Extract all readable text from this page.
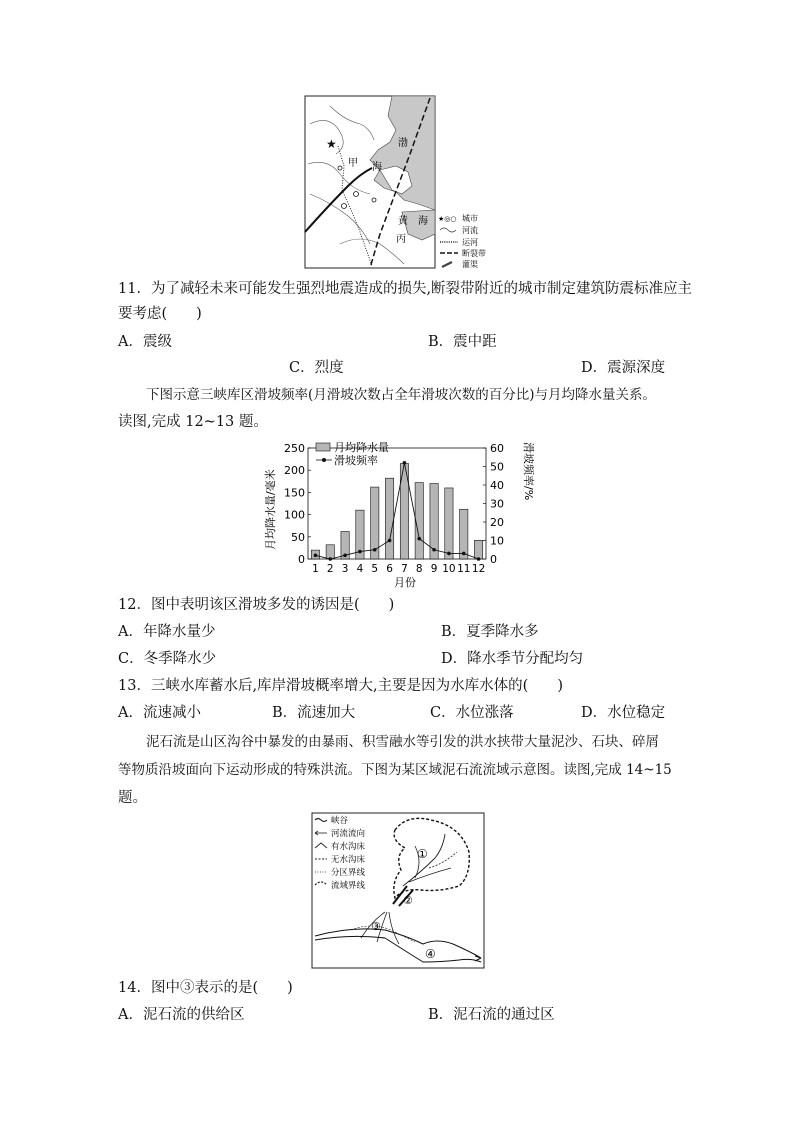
★	渤
甲 海
黄 海
丙
★◎○ 城市
河流
运河
断裂带
灌渠
11．为了减轻未来可能发生强烈地震造成的损失,断裂带附近的城市制定建筑防震标准应主
要考虑(　　)
A．震级	B．震中距
C．烈度	D．震源深度
下图示意三峡库区滑坡频率(月滑坡次数占全年滑坡次数的百分比)与月均降水量关系。
读图,完成 12~13 题。
月均降水量/毫米	滑坡频率/%
月份
0
50
100
150
200
250
0
10
20
30
40
50
60
1 2 3 4 5 6 7 8 9 10 11 12
月均降水量
滑坡频率
12．图中表明该区滑坡多发的诱因是(　　)
A．年降水量少	B．夏季降水多
C．冬季降水少	D．降水季节分配均匀
13．三峡水库蓄水后,库岸滑坡概率增大,主要是因为水库水体的(　　)
A．流速减小	B．流速加大	C．水位涨落	D．水位稳定
泥石流是山区沟谷中暴发的由暴雨、积雪融水等引发的洪水挟带大量泥沙、石块、碎屑
等物质沿坡面向下运动形成的特殊洪流。下图为某区域泥石流流域示意图。读图,完成 14~15
题。
峡谷
河流流向
有水沟床
无水沟床
分区界线
流域界线
①
②
③
④
14．图中③表示的是(　　)
A．泥石流的供给区	B．泥石流的通过区
